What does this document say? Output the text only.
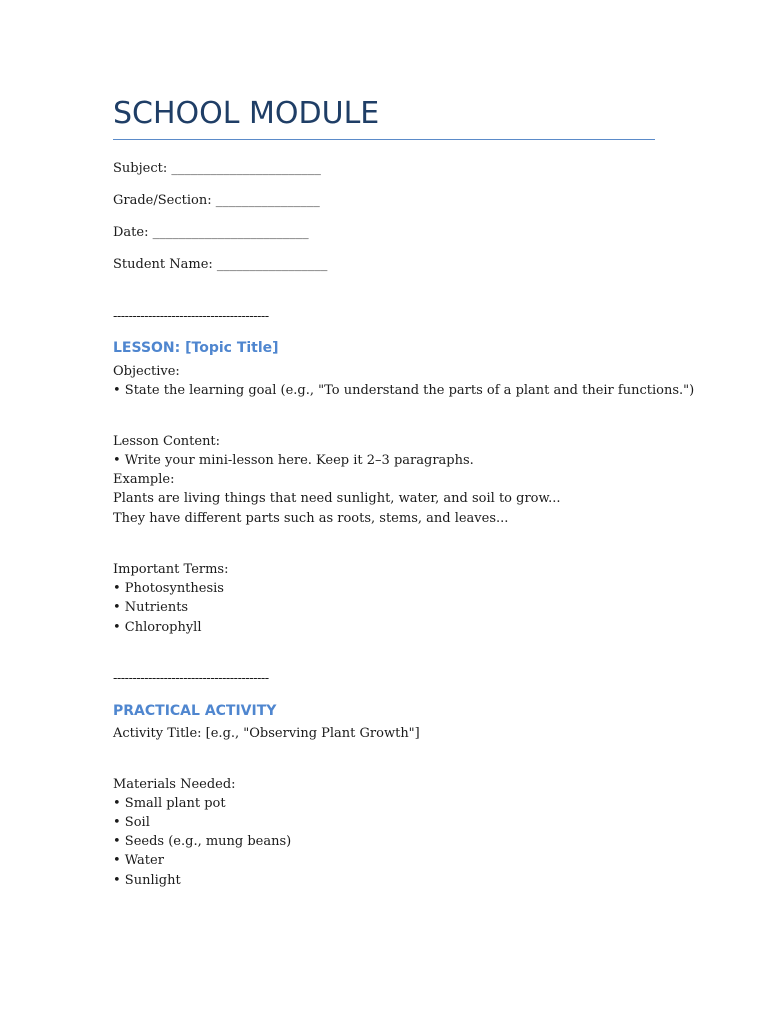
SCHOOL MODULE
Subject: _______________________
Grade/Section: ________________
Date: ________________________
Student Name: _________________
----------------------------------------
LESSON: [Topic Title]
Objective:
• State the learning goal (e.g., "To understand the parts of a plant and their functions.")
Lesson Content:
• Write your mini-lesson here. Keep it 2–3 paragraphs.
Example:
Plants are living things that need sunlight, water, and soil to grow...
They have different parts such as roots, stems, and leaves...
Important Terms:
• Photosynthesis
• Nutrients
• Chlorophyll
----------------------------------------
PRACTICAL ACTIVITY
Activity Title: [e.g., "Observing Plant Growth"]
Materials Needed:
• Small plant pot
• Soil
• Seeds (e.g., mung beans)
• Water
• Sunlight
